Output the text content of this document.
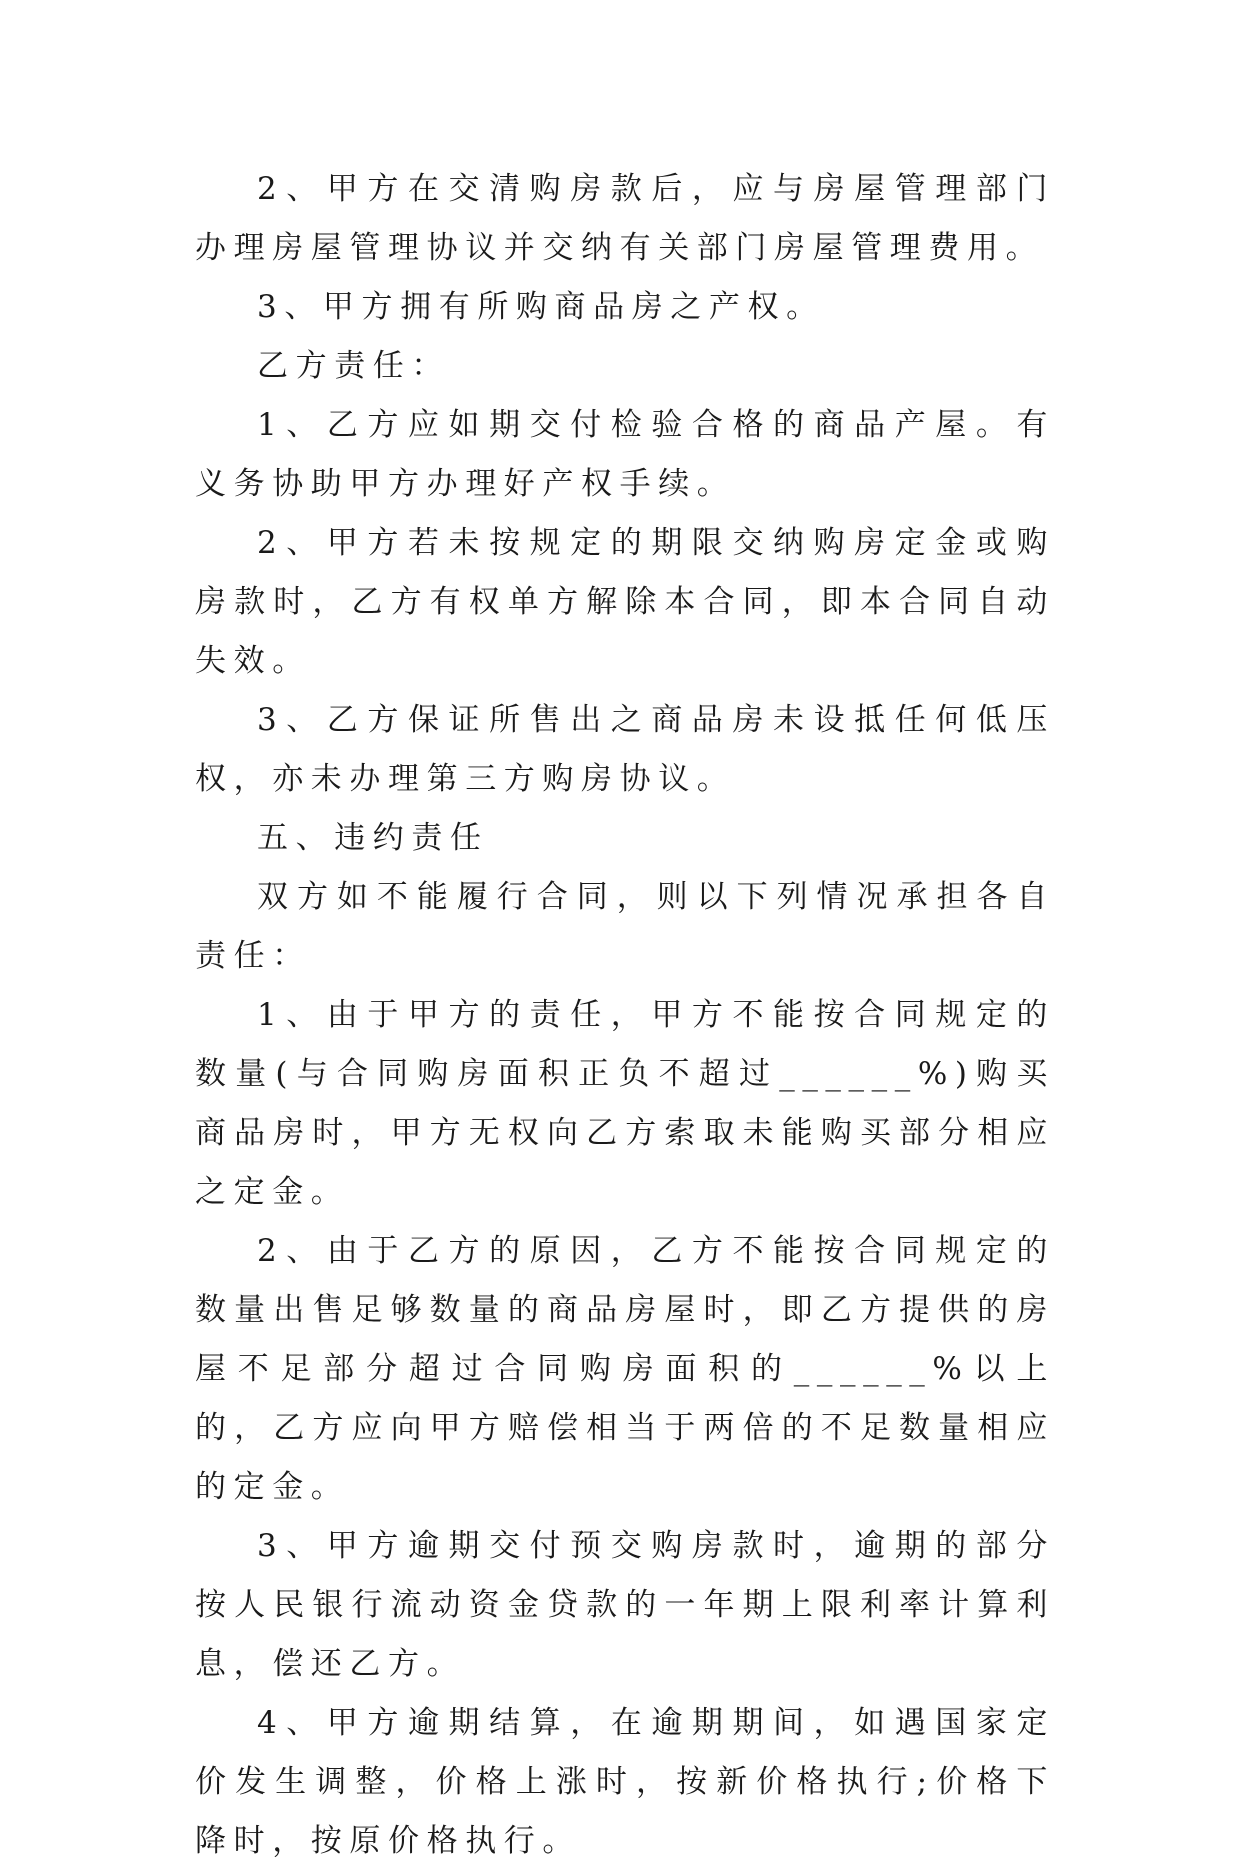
2、甲方在交清购房款后，应与房屋管理部门办理房屋管理协议并交纳有关部门房屋管理费用。

3、甲方拥有所购商品房之产权。

乙方责任：

1、乙方应如期交付检验合格的商品产屋。有义务协助甲方办理好产权手续。

2、甲方若未按规定的期限交纳购房定金或购房款时，乙方有权单方解除本合同，即本合同自动失效。

3、乙方保证所售出之商品房未设抵任何低压权，亦未办理第三方购房协议。

五、违约责任

双方如不能履行合同，则以下列情况承担各自责任：

1、由于甲方的责任，甲方不能按合同规定的数量(与合同购房面积正负不超过______%)购买商品房时，甲方无权向乙方索取未能购买部分相应之定金。

2、由于乙方的原因，乙方不能按合同规定的数量出售足够数量的商品房屋时，即乙方提供的房屋不足部分超过合同购房面积的______%以上的，乙方应向甲方赔偿相当于两倍的不足数量相应的定金。

3、甲方逾期交付预交购房款时，逾期的部分按人民银行流动资金贷款的一年期上限利率计算利息，偿还乙方。

4、甲方逾期结算，在逾期期间，如遇国家定价发生调整，价格上涨时，按新价格执行;价格下降时，按原价格执行。
